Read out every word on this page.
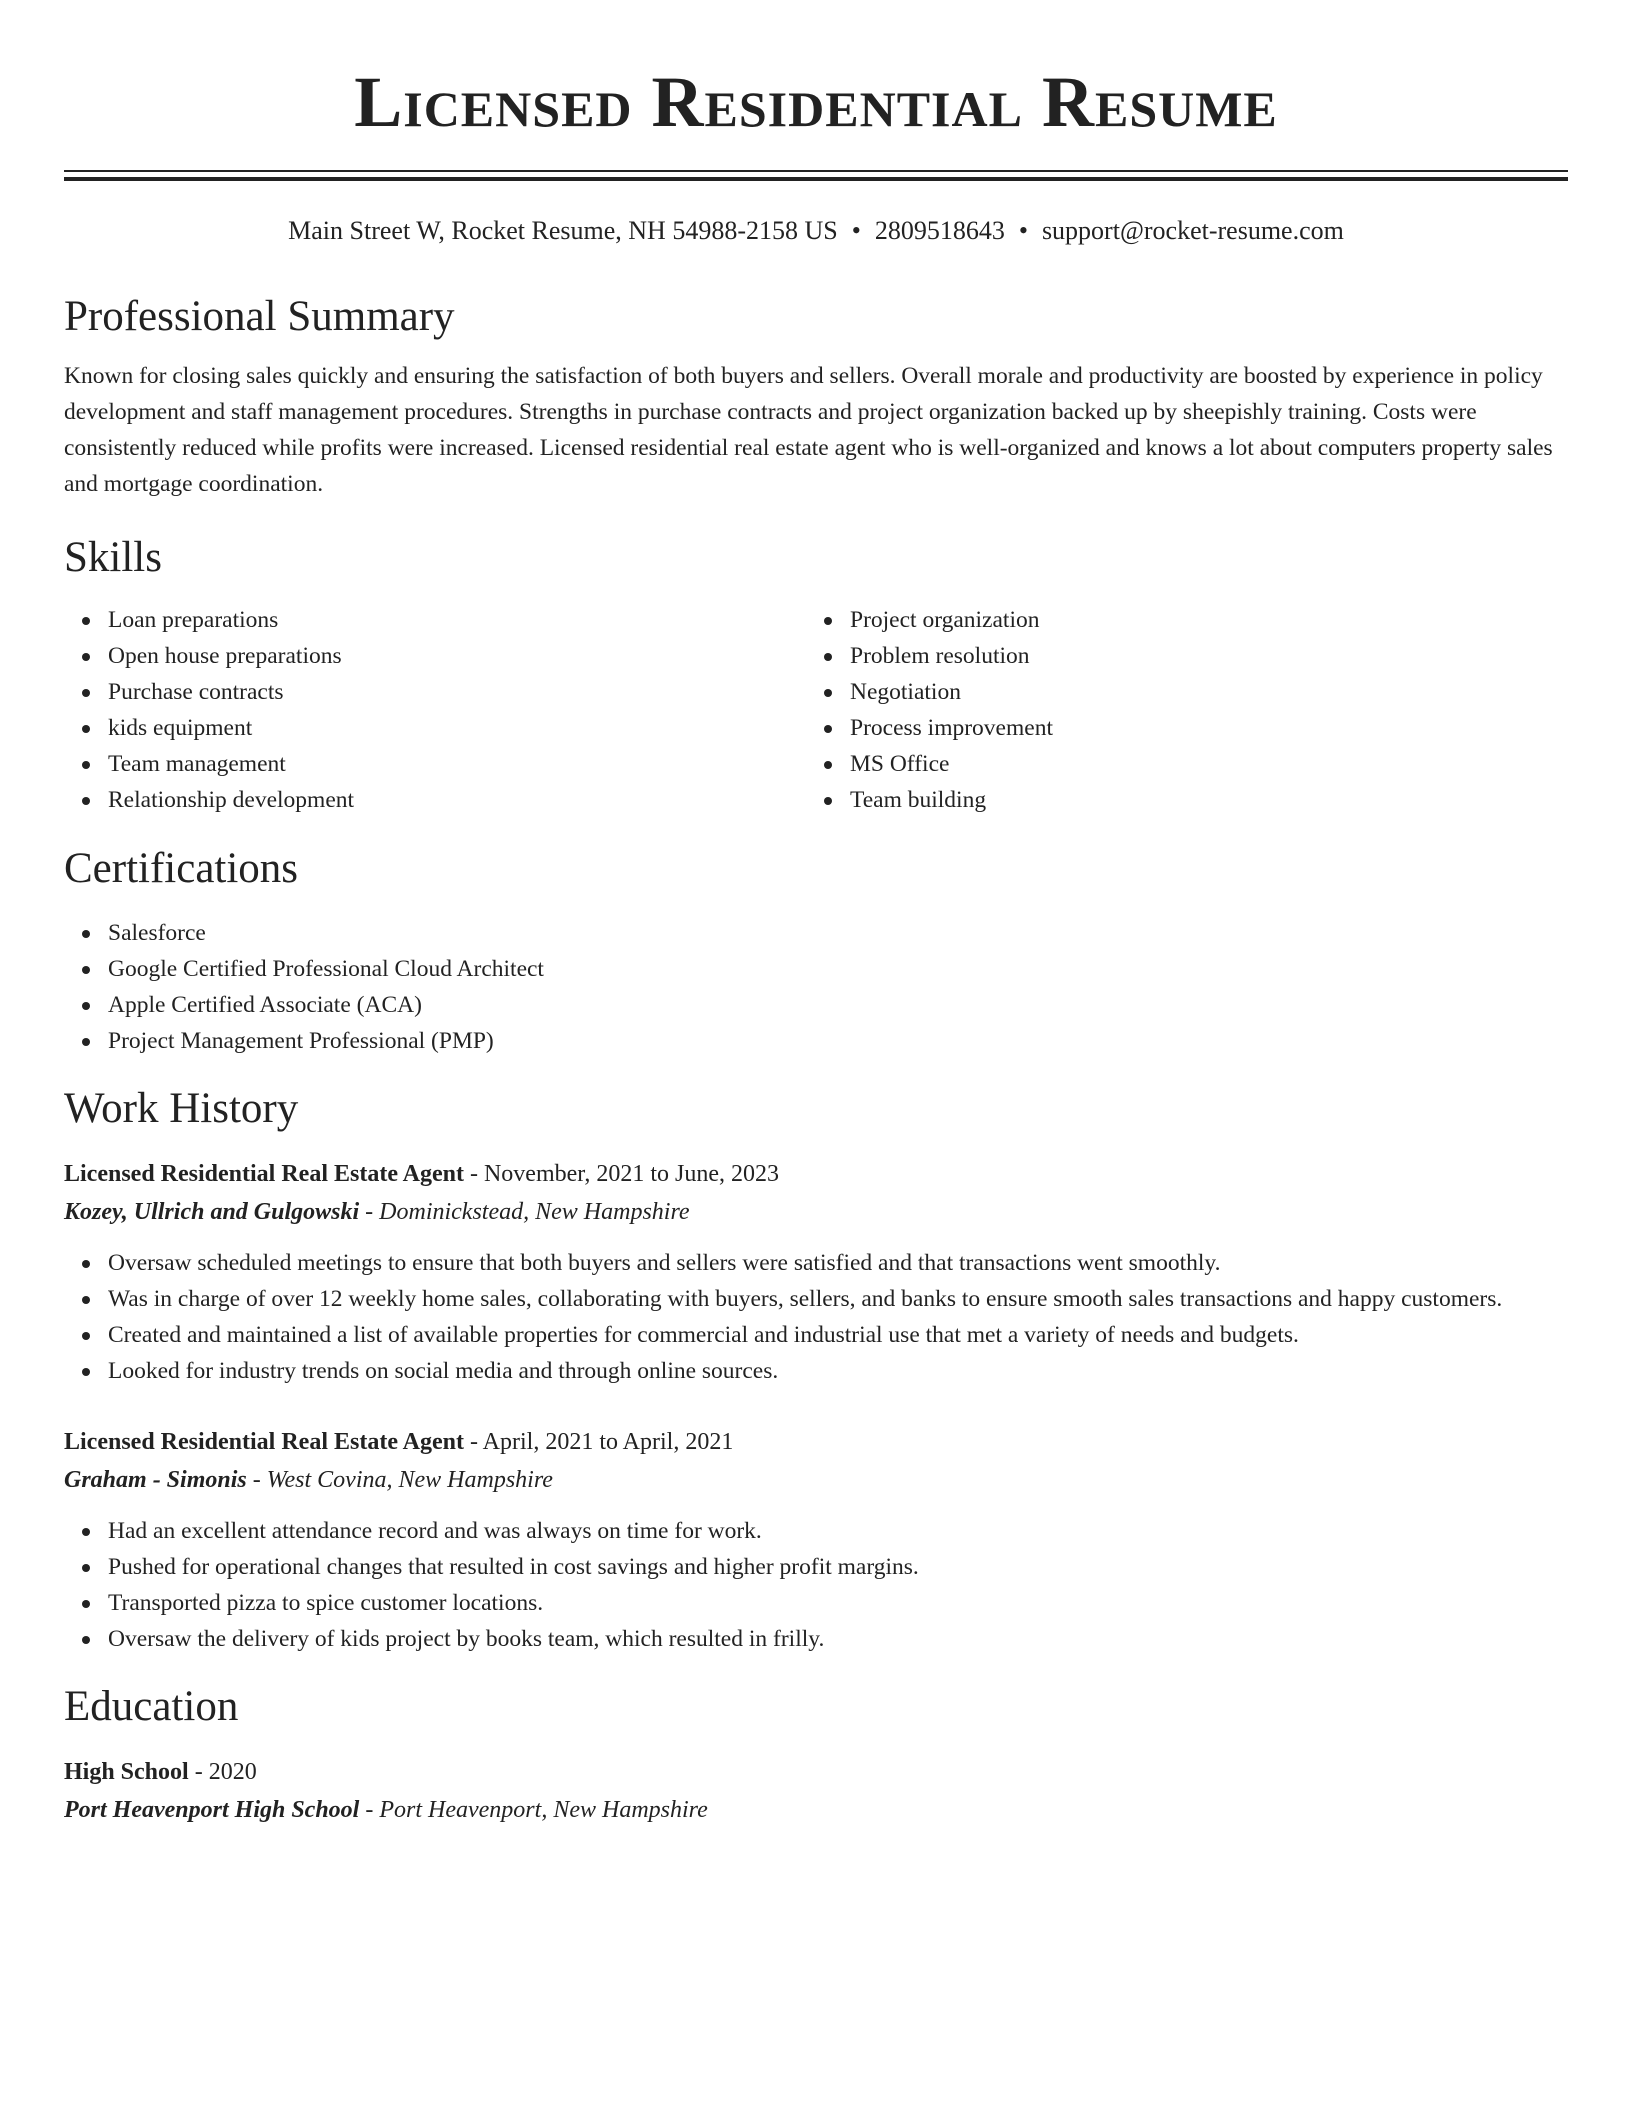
Licensed Residential Resume
Main Street W, Rocket Resume, NH 54988-2158 US • 2809518643 • support@rocket-resume.com
Professional Summary

Known for closing sales quickly and ensuring the satisfaction of both buyers and sellers. Overall morale and productivity are boosted by experience in policy development and staff management procedures. Strengths in purchase contracts and project organization backed up by sheepishly training. Costs were consistently reduced while profits were increased. Licensed residential real estate agent who is well-organized and knows a lot about computers property sales and mortgage coordination.

Skills
Loan preparations
Open house preparations
Purchase contracts
kids equipment
Team management
Relationship development
Project organization
Problem resolution
Negotiation
Process improvement
MS Office
Team building
Certifications
Salesforce
Google Certified Professional Cloud Architect
Apple Certified Associate (ACA)
Project Management Professional (PMP)
Work History
Licensed Residential Real Estate Agent - November, 2021 to June, 2023
Kozey, Ullrich and Gulgowski - Dominickstead, New Hampshire
Oversaw scheduled meetings to ensure that both buyers and sellers were satisfied and that transactions went smoothly.
Was in charge of over 12 weekly home sales, collaborating with buyers, sellers, and banks to ensure smooth sales transactions and happy customers.
Created and maintained a list of available properties for commercial and industrial use that met a variety of needs and budgets.
Looked for industry trends on social media and through online sources.
Licensed Residential Real Estate Agent - April, 2021 to April, 2021
Graham - Simonis - West Covina, New Hampshire
Had an excellent attendance record and was always on time for work.
Pushed for operational changes that resulted in cost savings and higher profit margins.
Transported pizza to spice customer locations.
Oversaw the delivery of kids project by books team, which resulted in frilly.
Education
High School - 2020
Port Heavenport High School - Port Heavenport, New Hampshire
